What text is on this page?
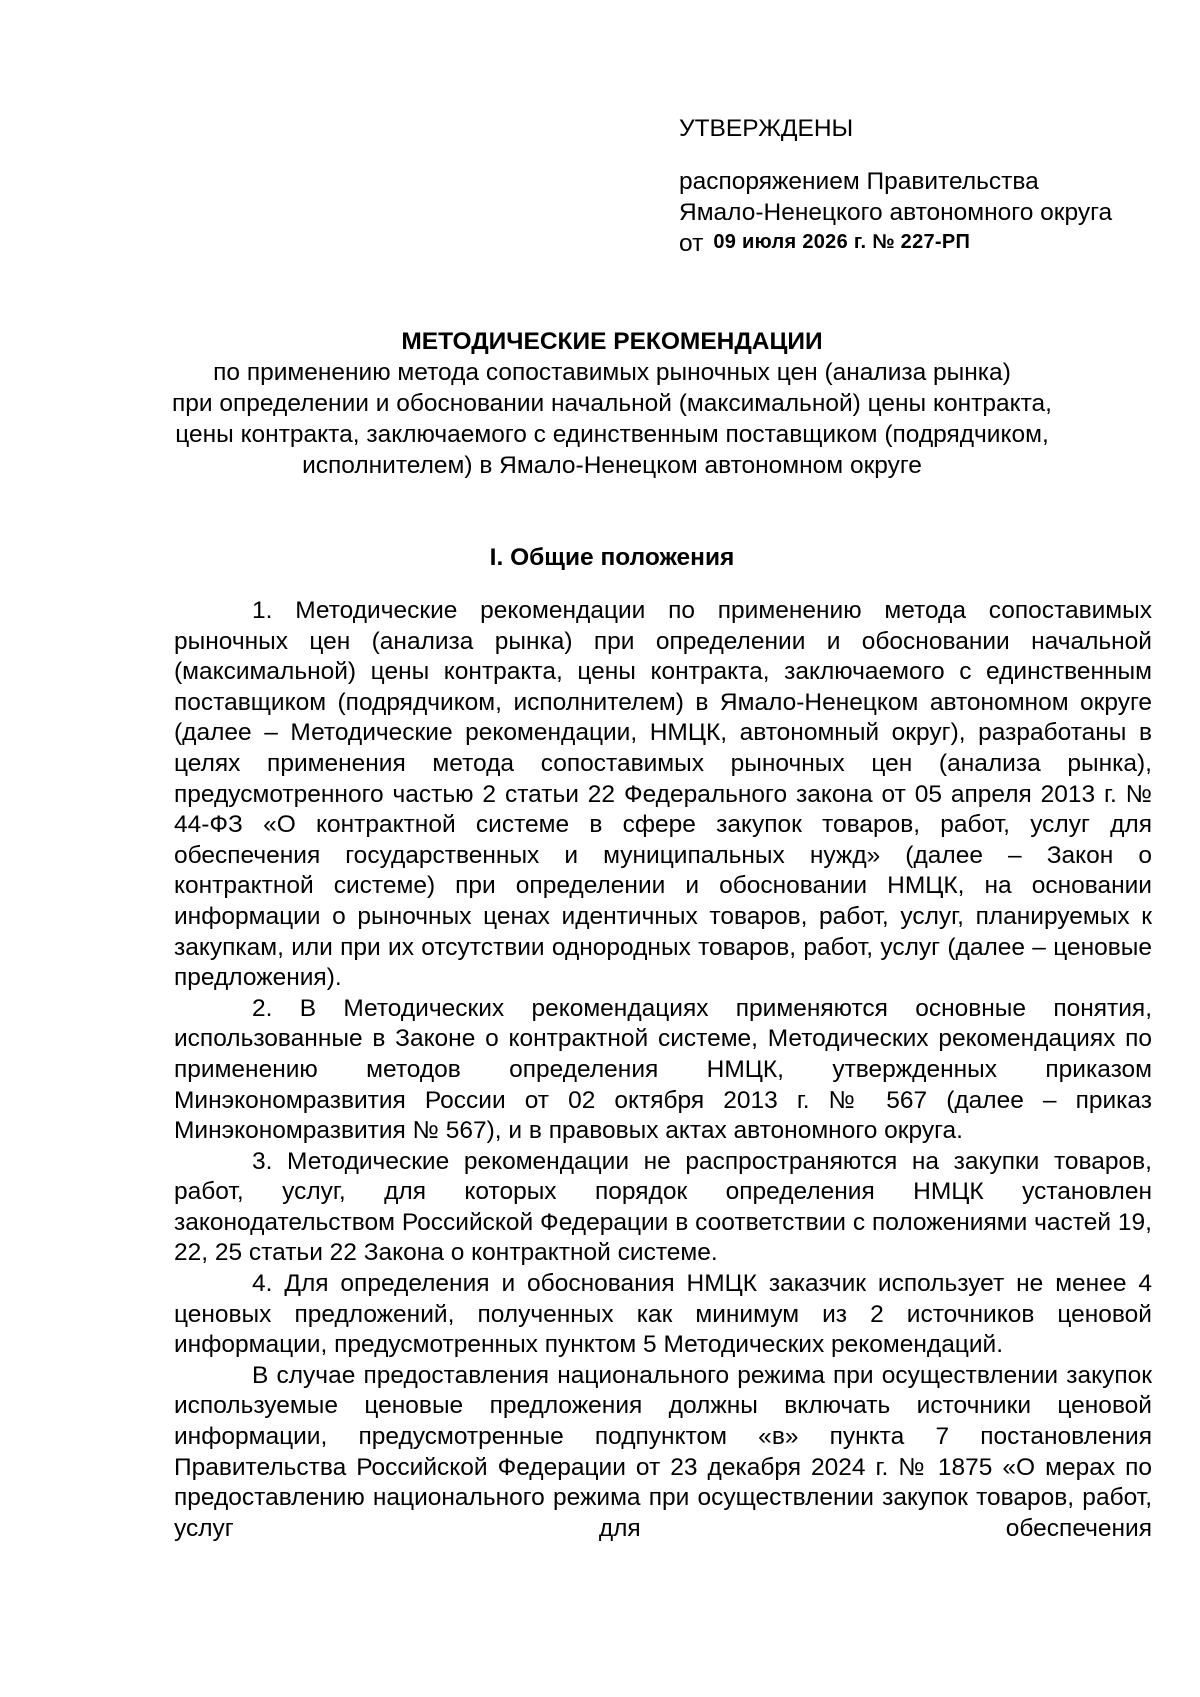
УТВЕРЖДЕНЫ
распоряжением Правительства
Ямало-Ненецкого автономного округа
от 09 июля 2026 г. № 227-РП

МЕТОДИЧЕСКИЕ РЕКОМЕНДАЦИИ

по применению метода сопоставимых рыночных цен (анализа рынка)
при определении и обосновании начальной (максимальной) цены контракта,
цены контракта, заключаемого с единственным поставщиком (подрядчиком,
исполнителем) в Ямало-Ненецком автономном округе
I. Общие положения

1. Методические рекомендации по применению метода сопоставимых рыночных цен (анализа рынка) при определении и обосновании начальной (максимальной) цены контракта, цены контракта, заключаемого с единственным поставщиком (подрядчиком, исполнителем) в Ямало-Ненецком автономном округе (далее – Методические рекомендации, НМЦК, автономный округ), разработаны в целях применения метода сопоставимых рыночных цен (анализа рынка), предусмотренного частью 2 статьи 22 Федерального закона от 05 апреля 2013 г. № 44-ФЗ «О контрактной системе в сфере закупок товаров, работ, услуг для обеспечения государственных и муниципальных нужд» (далее – Закон о контрактной системе) при определении и обосновании НМЦК, на основании информации о рыночных ценах идентичных товаров, работ, услуг, планируемых к закупкам, или при их отсутствии однородных товаров, работ, услуг (далее – ценовые предложения).

2. В Методических рекомендациях применяются основные понятия, использованные в Законе о контрактной системе, Методических рекомендациях по применению методов определения НМЦК, утвержденных приказом Минэкономразвития России от 02 октября 2013 г. № 567 (далее – приказ Минэкономразвития № 567), и в правовых актах автономного округа.

3. Методические рекомендации не распространяются на закупки товаров, работ, услуг, для которых порядок определения НМЦК установлен законодательством Российской Федерации в соответствии с положениями частей 19, 22, 25 статьи 22 Закона о контрактной системе.

4. Для определения и обоснования НМЦК заказчик использует не менее 4 ценовых предложений, полученных как минимум из 2 источников ценовой информации, предусмотренных пунктом 5 Методических рекомендаций.

В случае предоставления национального режима при осуществлении закупок используемые ценовые предложения должны включать источники ценовой информации, предусмотренные подпунктом «в» пункта 7 постановления Правительства Российской Федерации от 23 декабря 2024 г. № 1875 «О мерах по предоставлению национального режима при осуществлении закупок товаров, работ, услуг для обеспечения
